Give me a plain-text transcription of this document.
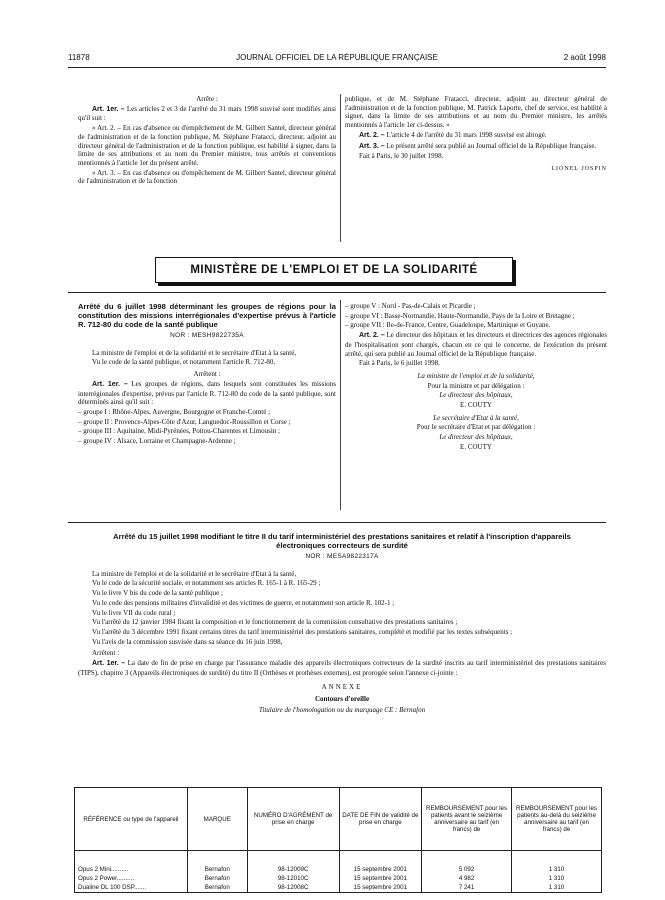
11878	JOURNAL OFFICIEL DE LA RÉPUBLIQUE FRANÇAISE	2 août 1998

Arrête :

Art. 1er. – Les articles 2 et 3 de l'arrêté du 31 mars 1998 susvisé sont modifiés ainsi qu'il suit :

« Art. 2. – En cas d'absence ou d'empêchement de M. Gilbert Santel, directeur général de l'administration et de la fonction publique, M. Stéphane Fratacci, directeur, adjoint au directeur général de l'administration et de la fonction publique, est habilité à signer, dans la limite de ses attributions et au nom du Premier ministre, tous arrêtés et conventions mentionnés à l'article 1er du présent arrêté.

« Art. 3. – En cas d'absence ou d'empêchement de M. Gilbert Santel, directeur général de l'administration et de la fonction

publique, et de M. Stéphane Fratacci, directeur, adjoint au directeur général de l'administration et de la fonction publique, M. Patrick Laporte, chef de service, est habilité à signer, dans la limite de ses attributions et au nom du Premier ministre, les arrêtés mentionnés à l'article 1er ci-dessus. »

Art. 2. – L'article 4 de l'arrêté du 31 mars 1998 susvisé est abrogé.

Art. 3. – Le présent arrêté sera publié au Journal officiel de la République française.

Fait à Paris, le 30 juillet 1998.

LIONEL JOSPIN

MINISTÈRE DE L'EMPLOI ET DE LA SOLIDARITÉ
Arrêté du 6 juillet 1998 déterminant les groupes de régions pour la constitution des missions interrégionales d'expertise prévus à l'article R. 712-80 du code de la santé publique
NOR : MESH9822735A

La ministre de l'emploi et de la solidarité et le secrétaire d'Etat à la santé,

Vu le code de la santé publique, et notamment l'article R. 712-80,

Arrêtent :

Art. 1er. – Les groupes de régions, dans lesquels sont constituées les missions interrégionales d'expertise, prévus par l'article R. 712-80 du code de la santé publique, sont déterminés ainsi qu'il suit :

– groupe I : Rhône-Alpes, Auvergne, Bourgogne et Franche-Comté ;

– groupe II : Provence-Alpes-Côte d'Azur, Languedoc-Roussillon et Corse ;

– groupe III : Aquitaine, Midi-Pyrénées, Poitou-Charentes et Limousin ;

– groupe IV : Alsace, Lorraine et Champagne-Ardenne ;

– groupe V : Nord - Pas-de-Calais et Picardie ;

– groupe VI : Basse-Normandie, Haute-Normandie, Pays de la Loire et Bretagne ;

– groupe VII : Ile-de-France, Centre, Guadeloupe, Martinique et Guyane.

Art. 2. – Le directeur des hôpitaux et les directeurs et directrices des agences régionales de l'hospitalisation sont chargés, chacun en ce qui le concerne, de l'exécution du présent arrêté, qui sera publié au Journal officiel de la République française.

Fait à Paris, le 6 juillet 1998.

La ministre de l'emploi et de la solidarité,

Pour la ministre et par délégation :

Le directeur des hôpitaux,

E. COUTY

Le secrétaire d'Etat à la santé,

Pour le secrétaire d'Etat et par délégation :

Le directeur des hôpitaux,

E. COUTY

Arrêté du 15 juillet 1998 modifiant le titre II du tarif interministériel des prestations sanitaires et relatif à l'inscription d'appareils électroniques correcteurs de surdité
NOR : MESA9822317A

La ministre de l'emploi et de la solidarité et le secrétaire d'Etat à la santé,

Vu le code de la sécurité sociale, et notamment ses articles R. 165-1 à R. 165-29 ;

Vu le livre V bis du code de la santé publique ;

Vu le code des pensions militaires d'invalidité et des victimes de guerre, et notamment son article R. 102-1 ;

Vu le livre VII du code rural ;

Vu l'arrêté du 12 janvier 1984 fixant la composition et le fonctionnement de la commission consultative des prestations sanitaires ;

Vu l'arrêté du 3 décembre 1991 fixant certains titres du tarif interministériel des prestations sanitaires, complété et modifié par les textes subséquents ;

Vu l'avis de la commission susvisée dans sa séance du 16 juin 1998,

Arrêtent :

Art. 1er. – La date de fin de prise en charge par l'assurance maladie des appareils électroniques correcteurs de la surdité inscrits au tarif interministériel des prestations sanitaires (TIPS), chapitre 3 (Appareils électroniques de surdité) du titre II (Orthèses et prothèses externes), est prorogée selon l'annexe ci-jointe :

ANNEXE

Contours d'oreille

Titulaire de l'homologation ou du marquage CE : Bernafon

RÉFÉRENCE ou type de l'appareil	MARQUE	NUMÉRO D'AGRÉMENT de prise en charge	DATE DE FIN de validité de prise en charge	REMBOURSEMENT pour les patients avant le seizième anniversaire au tarif (en francs) de	REMBOURSEMENT pour les patients au-delà du seizième anniversaire au tarif (en francs) de

Opus 2 Mini..........	Bernafon	98-12009C	15 septembre 2001	5 092	1 310
Opus 2 Power..........	Bernafon	98-12010C	15 septembre 2001	4 982	1 310
Dualine DL 100 DSP.......	Bernafon	98-12008C	15 septembre 2001	7 241	1 310
